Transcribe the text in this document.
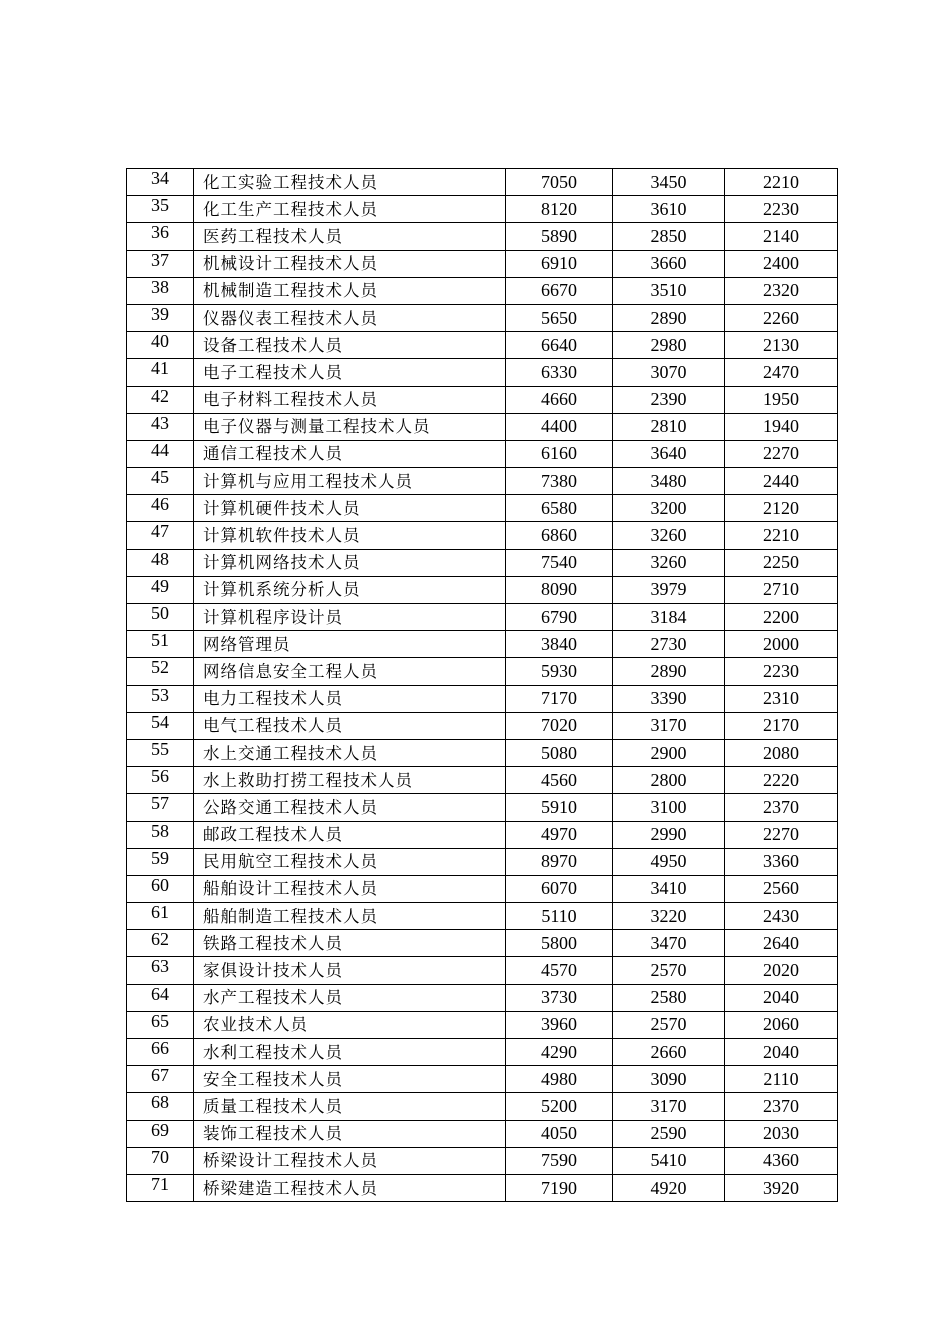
34	化工实验工程技术人员	7050	3450	2210
35	化工生产工程技术人员	8120	3610	2230
36	医药工程技术人员	5890	2850	2140
37	机械设计工程技术人员	6910	3660	2400
38	机械制造工程技术人员	6670	3510	2320
39	仪器仪表工程技术人员	5650	2890	2260
40	设备工程技术人员	6640	2980	2130
41	电子工程技术人员	6330	3070	2470
42	电子材料工程技术人员	4660	2390	1950
43	电子仪器与测量工程技术人员	4400	2810	1940
44	通信工程技术人员	6160	3640	2270
45	计算机与应用工程技术人员	7380	3480	2440
46	计算机硬件技术人员	6580	3200	2120
47	计算机软件技术人员	6860	3260	2210
48	计算机网络技术人员	7540	3260	2250
49	计算机系统分析人员	8090	3979	2710
50	计算机程序设计员	6790	3184	2200
51	网络管理员	3840	2730	2000
52	网络信息安全工程人员	5930	2890	2230
53	电力工程技术人员	7170	3390	2310
54	电气工程技术人员	7020	3170	2170
55	水上交通工程技术人员	5080	2900	2080
56	水上救助打捞工程技术人员	4560	2800	2220
57	公路交通工程技术人员	5910	3100	2370
58	邮政工程技术人员	4970	2990	2270
59	民用航空工程技术人员	8970	4950	3360
60	船舶设计工程技术人员	6070	3410	2560
61	船舶制造工程技术人员	5110	3220	2430
62	铁路工程技术人员	5800	3470	2640
63	家俱设计技术人员	4570	2570	2020
64	水产工程技术人员	3730	2580	2040
65	农业技术人员	3960	2570	2060
66	水利工程技术人员	4290	2660	2040
67	安全工程技术人员	4980	3090	2110
68	质量工程技术人员	5200	3170	2370
69	装饰工程技术人员	4050	2590	2030
70	桥梁设计工程技术人员	7590	5410	4360
71	桥梁建造工程技术人员	7190	4920	3920
